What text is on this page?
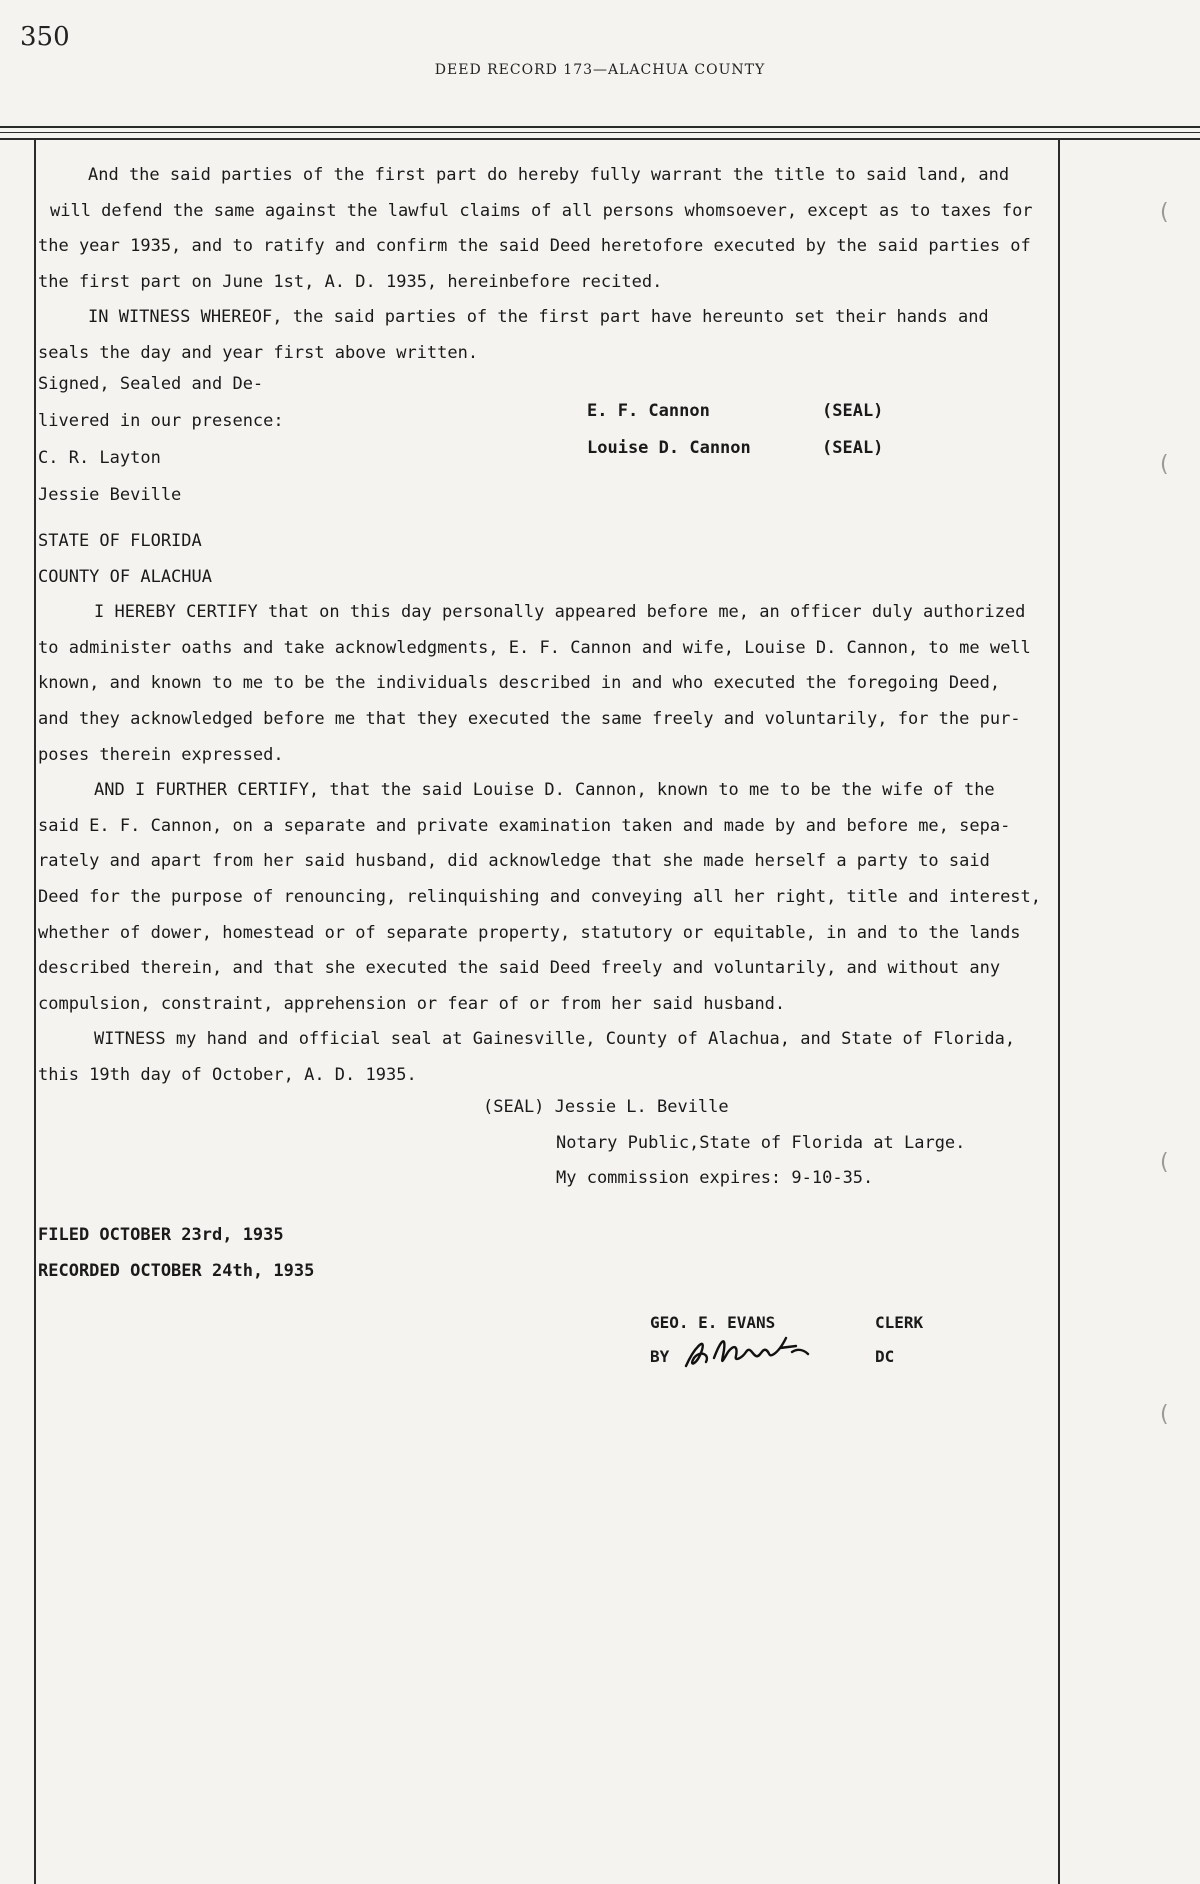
350
DEED RECORD 173—ALACHUA COUNTY
(
(
(
(
And the said parties of the first part do hereby fully warrant the title to said land, and
will defend the same against the lawful claims of all persons whomsoever, except as to taxes for
the year 1935, and to ratify and confirm the said Deed heretofore executed by the said parties of
the first part on June 1st, A. D. 1935, hereinbefore recited.
IN WITNESS WHEREOF, the said parties of the first part have hereunto set their hands and
seals the day and year first above written.
Signed, Sealed and De-
livered in our presence:
C. R. Layton
Jessie Beville
E. F. Cannon	(SEAL)
Louise D. Cannon	(SEAL)
STATE OF FLORIDA
COUNTY OF ALACHUA
I HEREBY CERTIFY that on this day personally appeared before me, an officer duly authorized
to administer oaths and take acknowledgments, E. F. Cannon and wife, Louise D. Cannon, to me well
known, and known to me to be the individuals described in and who executed the foregoing Deed,
and they acknowledged before me that they executed the same freely and voluntarily, for the pur-
poses therein expressed.
AND I FURTHER CERTIFY, that the said Louise D. Cannon, known to me to be the wife of the
said E. F. Cannon, on a separate and private examination taken and made by and before me, sepa-
rately and apart from her said husband, did acknowledge that she made herself a party to said
Deed for the purpose of renouncing, relinquishing and conveying all her right, title and interest,
whether of dower, homestead or of separate property, statutory or equitable, in and to the lands
described therein, and that she executed the said Deed freely and voluntarily, and without any
compulsion, constraint, apprehension or fear of or from her said husband.
WITNESS my hand and official seal at Gainesville, County of Alachua, and State of Florida,
this 19th day of October, A. D. 1935.
(SEAL) Jessie L. Beville
Notary Public,State of Florida at Large.
My commission expires: 9-10-35.
FILED OCTOBER 23rd, 1935
RECORDED OCTOBER 24th, 1935
GEO. E. EVANS	CLERK
BY	DC
